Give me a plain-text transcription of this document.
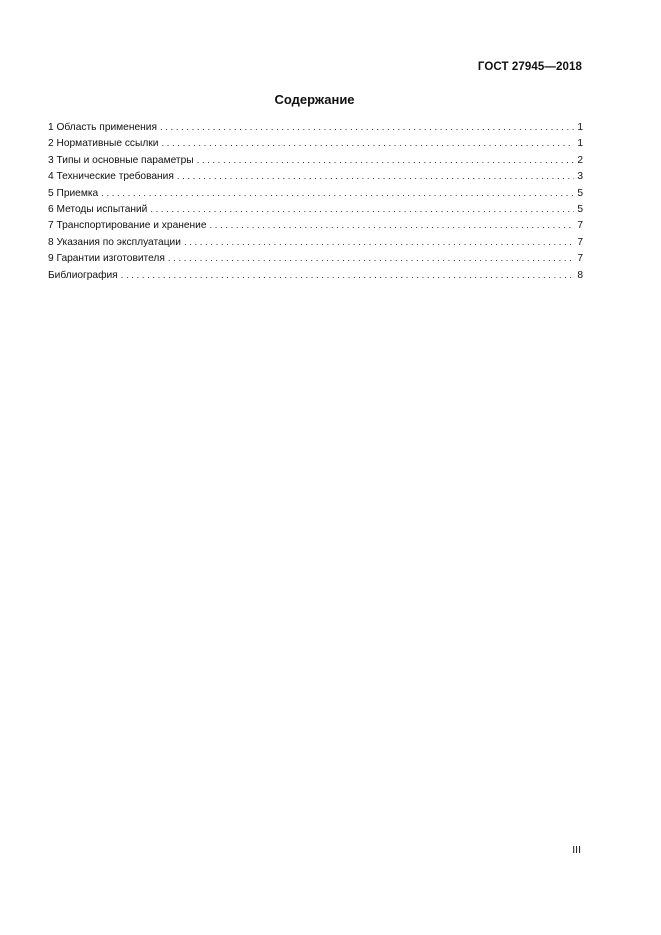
ГОСТ 27945—2018
Содержание
1 Область применения . . .	1
2 Нормативные ссылки . . .	1
3 Типы и основные параметры . . .	2
4 Технические требования . . .	3
5 Приемка . . .	5
6 Методы испытаний . . .	5
7 Транспортирование и хранение . . .	7
8 Указания по эксплуатации . . .	7
9 Гарантии изготовителя . . .	7
Библиография . . .	8
III
